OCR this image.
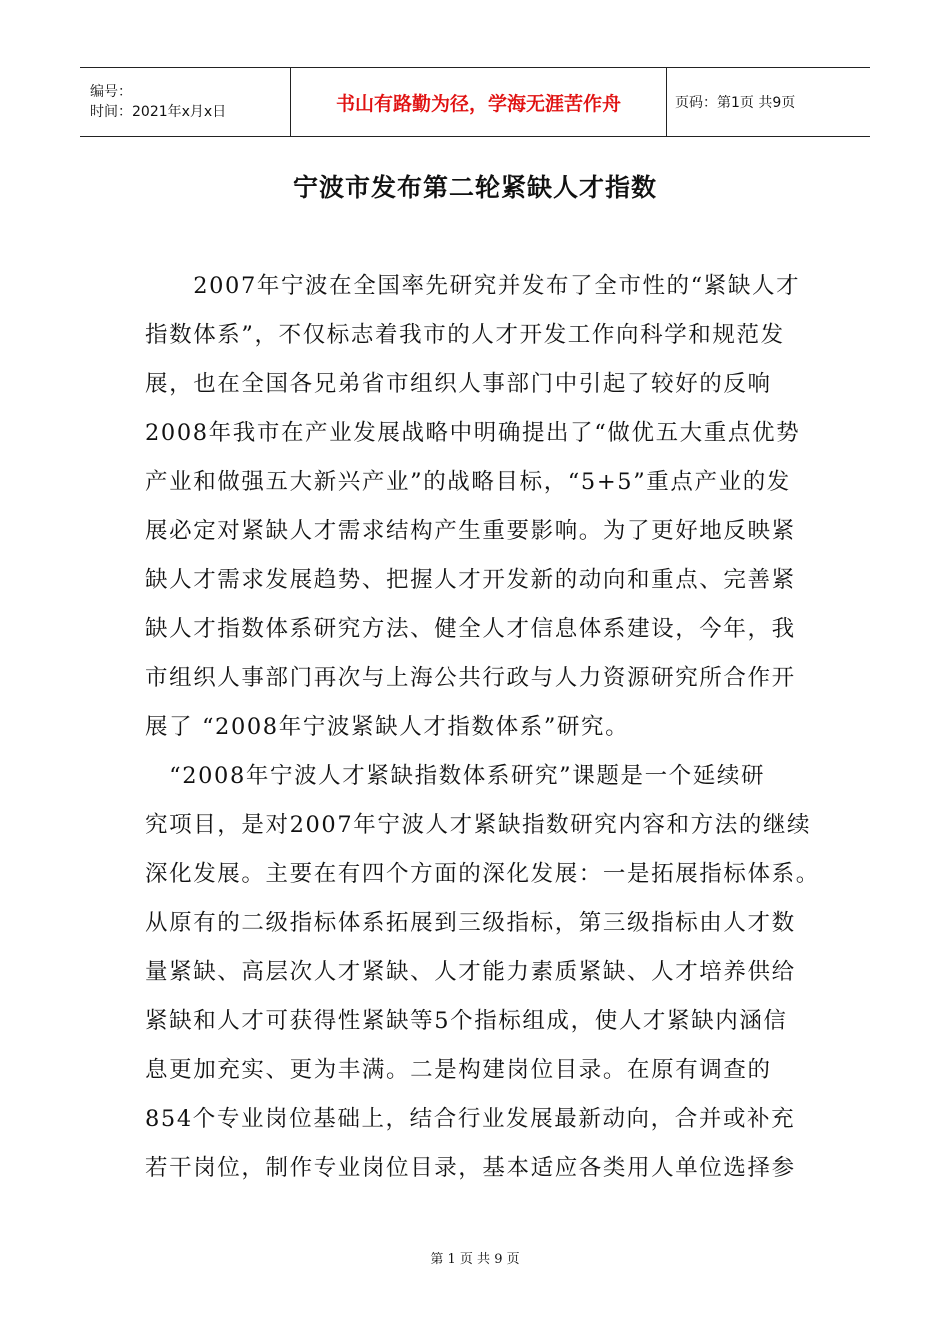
编号：
时间：2021年x月x日	书山有路勤为径，学海无涯苦作舟	页码：第1页 共9页
宁波市发布第二轮紧缺人才指数
　　2007年宁波在全国率先研究并发布了全市性的“紧缺人才
指数体系”，不仅标志着我市的人才开发工作向科学和规范发
展，也在全国各兄弟省市组织人事部门中引起了较好的反响
2008年我市在产业发展战略中明确提出了“做优五大重点优势
产业和做强五大新兴产业”的战略目标，“5+5”重点产业的发
展必定对紧缺人才需求结构产生重要影响。为了更好地反映紧
缺人才需求发展趋势、把握人才开发新的动向和重点、完善紧
缺人才指数体系研究方法、健全人才信息体系建设，今年，我
市组织人事部门再次与上海公共行政与人力资源研究所合作开
展了 “2008年宁波紧缺人才指数体系”研究。
　“2008年宁波人才紧缺指数体系研究”课题是一个延续研
究项目，是对2007年宁波人才紧缺指数研究内容和方法的继续
深化发展。主要在有四个方面的深化发展：一是拓展指标体系。
从原有的二级指标体系拓展到三级指标，第三级指标由人才数
量紧缺、高层次人才紧缺、人才能力素质紧缺、人才培养供给
紧缺和人才可获得性紧缺等5个指标组成，使人才紧缺内涵信
息更加充实、更为丰满。二是构建岗位目录。在原有调查的
854个专业岗位基础上，结合行业发展最新动向，合并或补充
若干岗位，制作专业岗位目录，基本适应各类用人单位选择参
第 1 页 共 9 页
